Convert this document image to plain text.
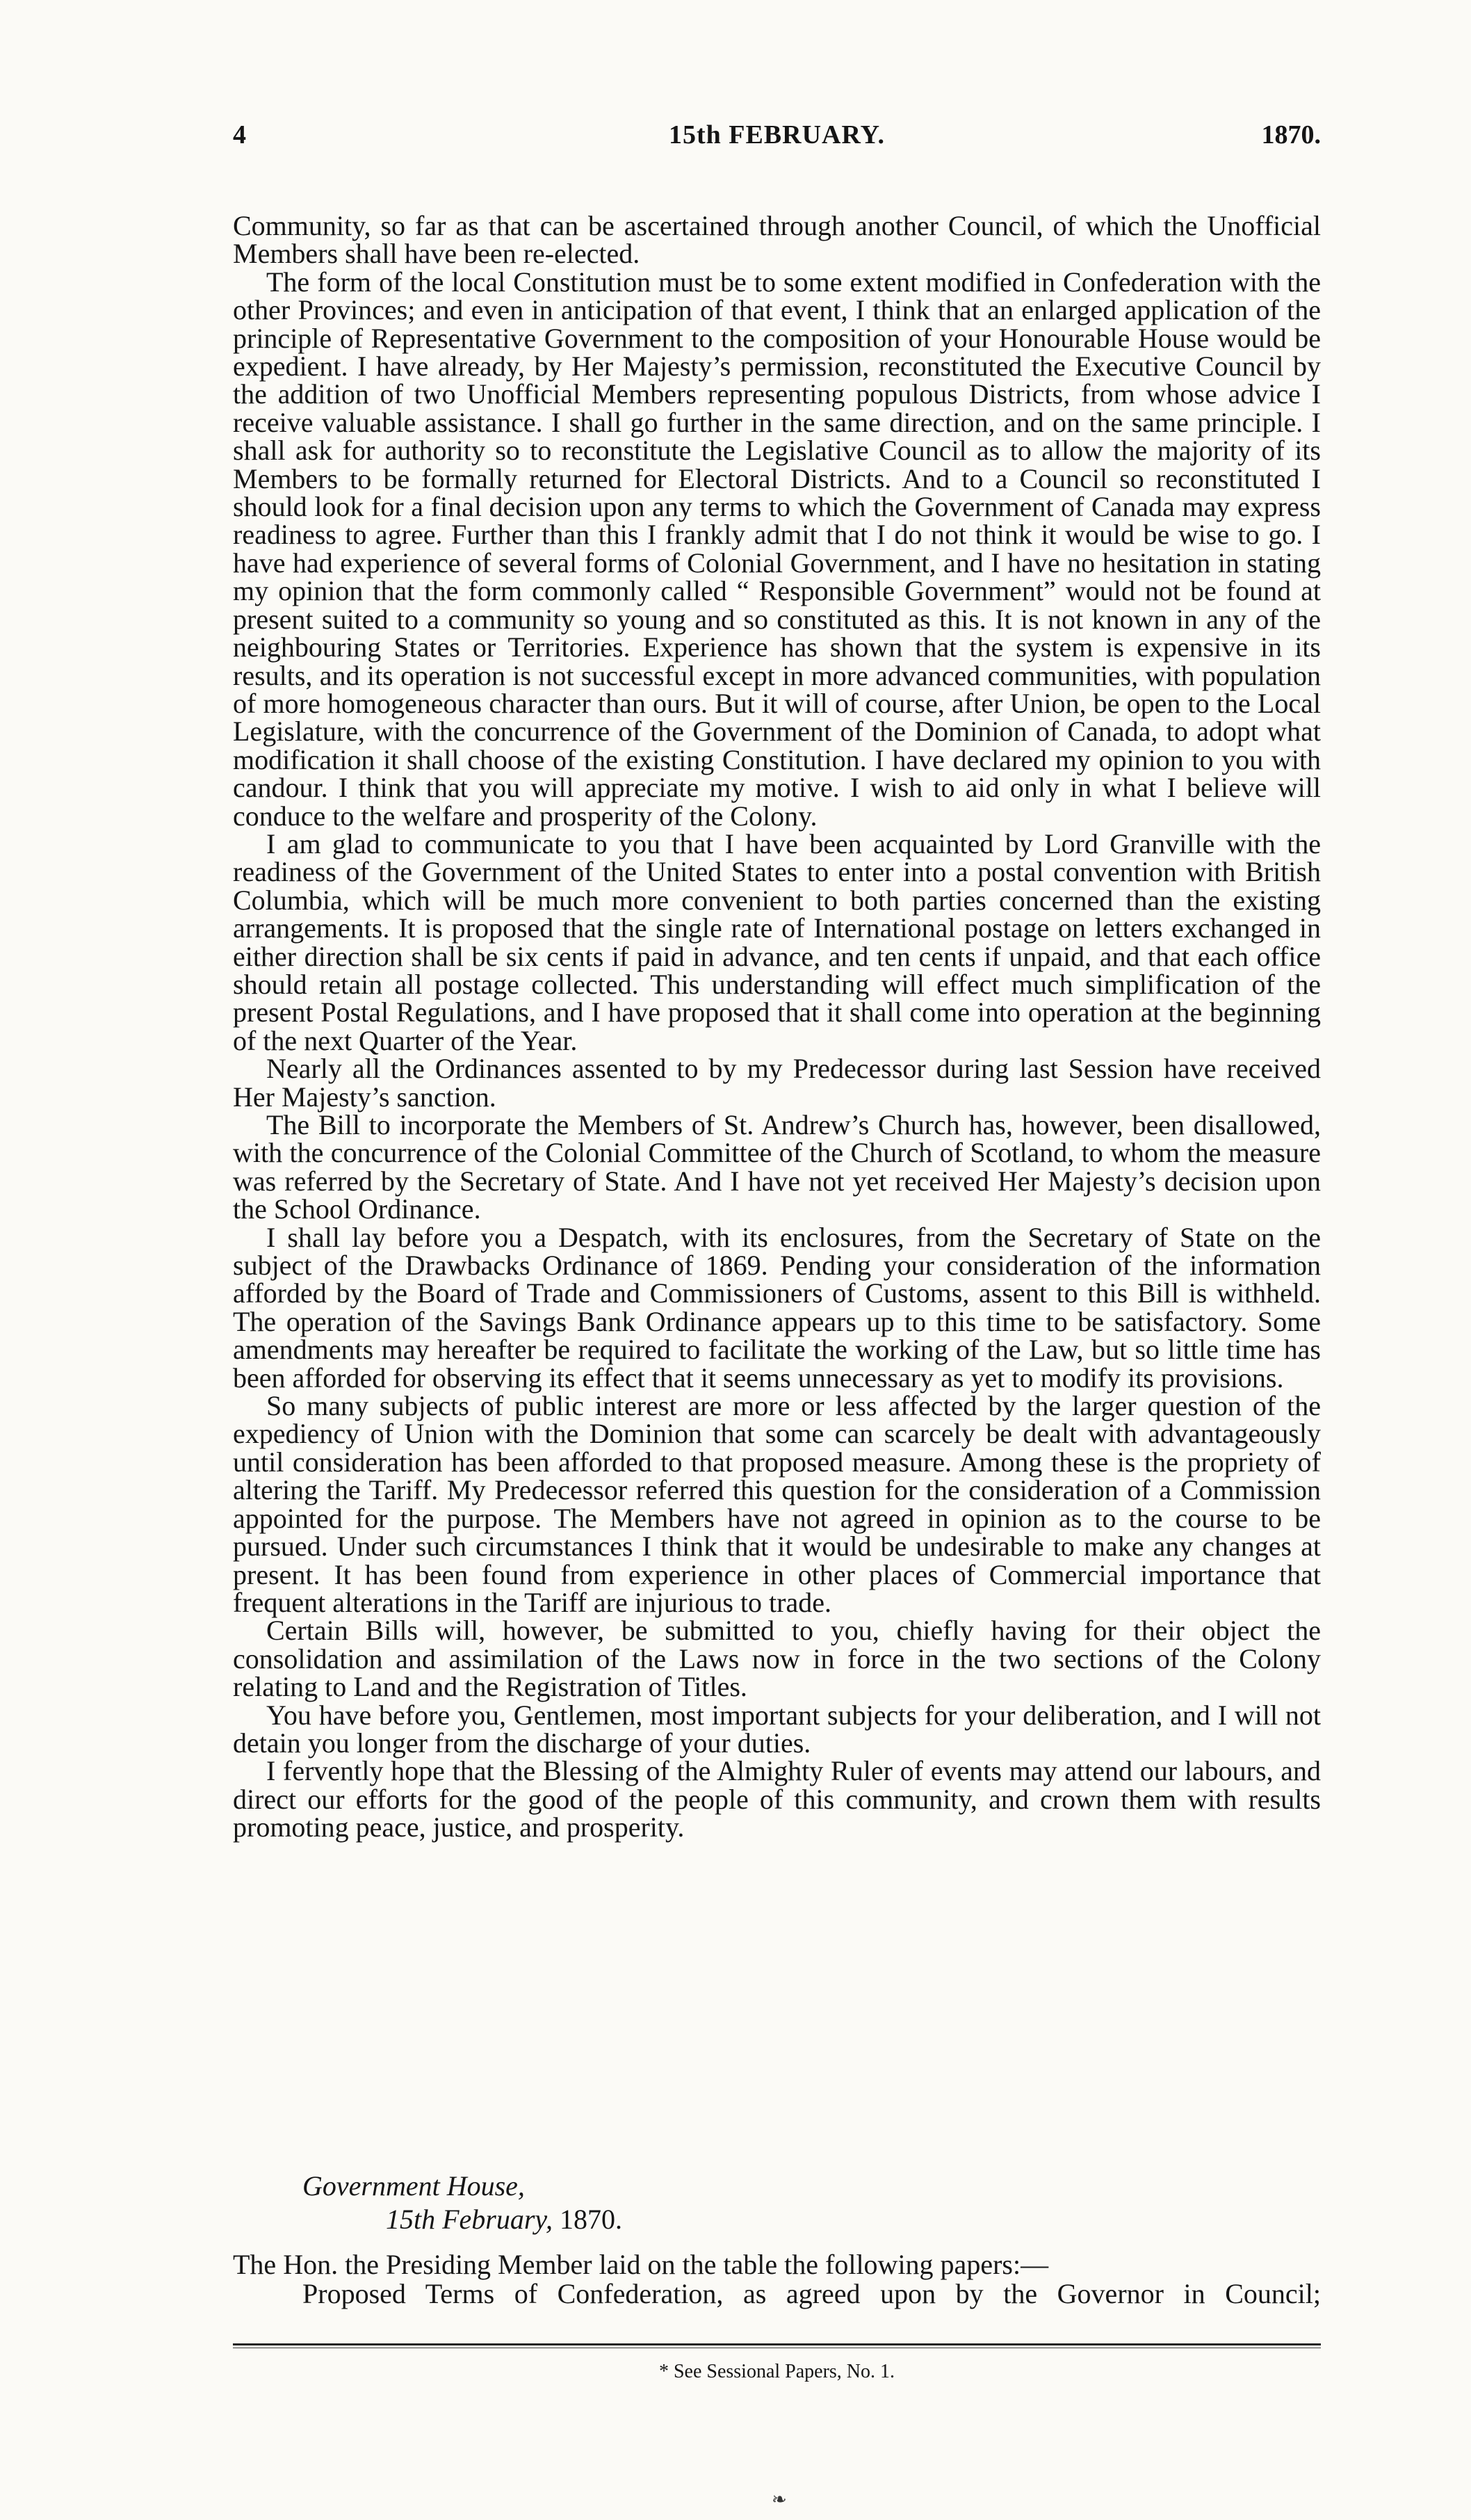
15th FEBRUARY.
4	1870.

Community, so far as that can be ascertained through another Council, of which the Unofficial Members shall have been re-elected.

The form of the local Constitution must be to some extent modified in Confederation with the other Provinces; and even in anticipation of that event, I think that an enlarged application of the principle of Representative Government to the composition of your Honourable House would be expedient. I have already, by Her Majesty’s permission, reconstituted the Executive Council by the addition of two Unofficial Members representing populous Districts, from whose advice I receive valuable assistance. I shall go further in the same direction, and on the same principle. I shall ask for authority so to reconstitute the Legislative Council as to allow the majority of its Members to be formally returned for Electoral Districts. And to a Council so reconstituted I should look for a final decision upon any terms to which the Government of Canada may express readiness to agree. Further than this I frankly admit that I do not think it would be wise to go. I have had experience of several forms of Colonial Government, and I have no hesitation in stating my opinion that the form commonly called “ Responsible Government” would not be found at present suited to a community so young and so constituted as this. It is not known in any of the neighbouring States or Territories. Experience has shown that the system is expensive in its results, and its operation is not successful except in more advanced communities, with population of more homogeneous character than ours. But it will of course, after Union, be open to the Local Legislature, with the concurrence of the Government of the Dominion of Canada, to adopt what modification it shall choose of the existing Constitution. I have declared my opinion to you with candour. I think that you will appreciate my motive. I wish to aid only in what I believe will conduce to the welfare and prosperity of the Colony.

I am glad to communicate to you that I have been acquainted by Lord Granville with the readiness of the Government of the United States to enter into a postal convention with British Columbia, which will be much more convenient to both parties concerned than the existing arrangements. It is proposed that the single rate of International postage on letters exchanged in either direction shall be six cents if paid in advance, and ten cents if unpaid, and that each office should retain all postage collected. This understanding will effect much simplification of the present Postal Regulations, and I have proposed that it shall come into operation at the beginning of the next Quarter of the Year.

Nearly all the Ordinances assented to by my Predecessor during last Session have received Her Majesty’s sanction.

The Bill to incorporate the Members of St. Andrew’s Church has, however, been disallowed, with the concurrence of the Colonial Committee of the Church of Scotland, to whom the measure was referred by the Secretary of State. And I have not yet received Her Majesty’s decision upon the School Ordinance.

I shall lay before you a Despatch, with its enclosures, from the Secretary of State on the subject of the Drawbacks Ordinance of 1869. Pending your consideration of the information afforded by the Board of Trade and Commissioners of Customs, assent to this Bill is withheld. The operation of the Savings Bank Ordinance appears up to this time to be satisfactory. Some amendments may hereafter be required to facilitate the working of the Law, but so little time has been afforded for observing its effect that it seems unnecessary as yet to modify its provisions.

So many subjects of public interest are more or less affected by the larger question of the expediency of Union with the Dominion that some can scarcely be dealt with advantageously until consideration has been afforded to that proposed measure. Among these is the propriety of altering the Tariff. My Predecessor referred this question for the consideration of a Commission appointed for the purpose. The Members have not agreed in opinion as to the course to be pursued. Under such circumstances I think that it would be undesirable to make any changes at present. It has been found from experience in other places of Commercial importance that frequent alterations in the Tariff are injurious to trade.

Certain Bills will, however, be submitted to you, chiefly having for their object the consolidation and assimilation of the Laws now in force in the two sections of the Colony relating to Land and the Registration of Titles.

You have before you, Gentlemen, most important subjects for your deliberation, and I will not detain you longer from the discharge of your duties.

I fervently hope that the Blessing of the Almighty Ruler of events may attend our labours, and direct our efforts for the good of the people of this community, and crown them with results promoting peace, justice, and prosperity.

Government House,
15th February, 1870.
The Hon. the Presiding Member laid on the table the following papers:—
Proposed Terms of Confederation, as agreed upon by the Governor in Council;
* See Sessional Papers, No. 1.
❧
